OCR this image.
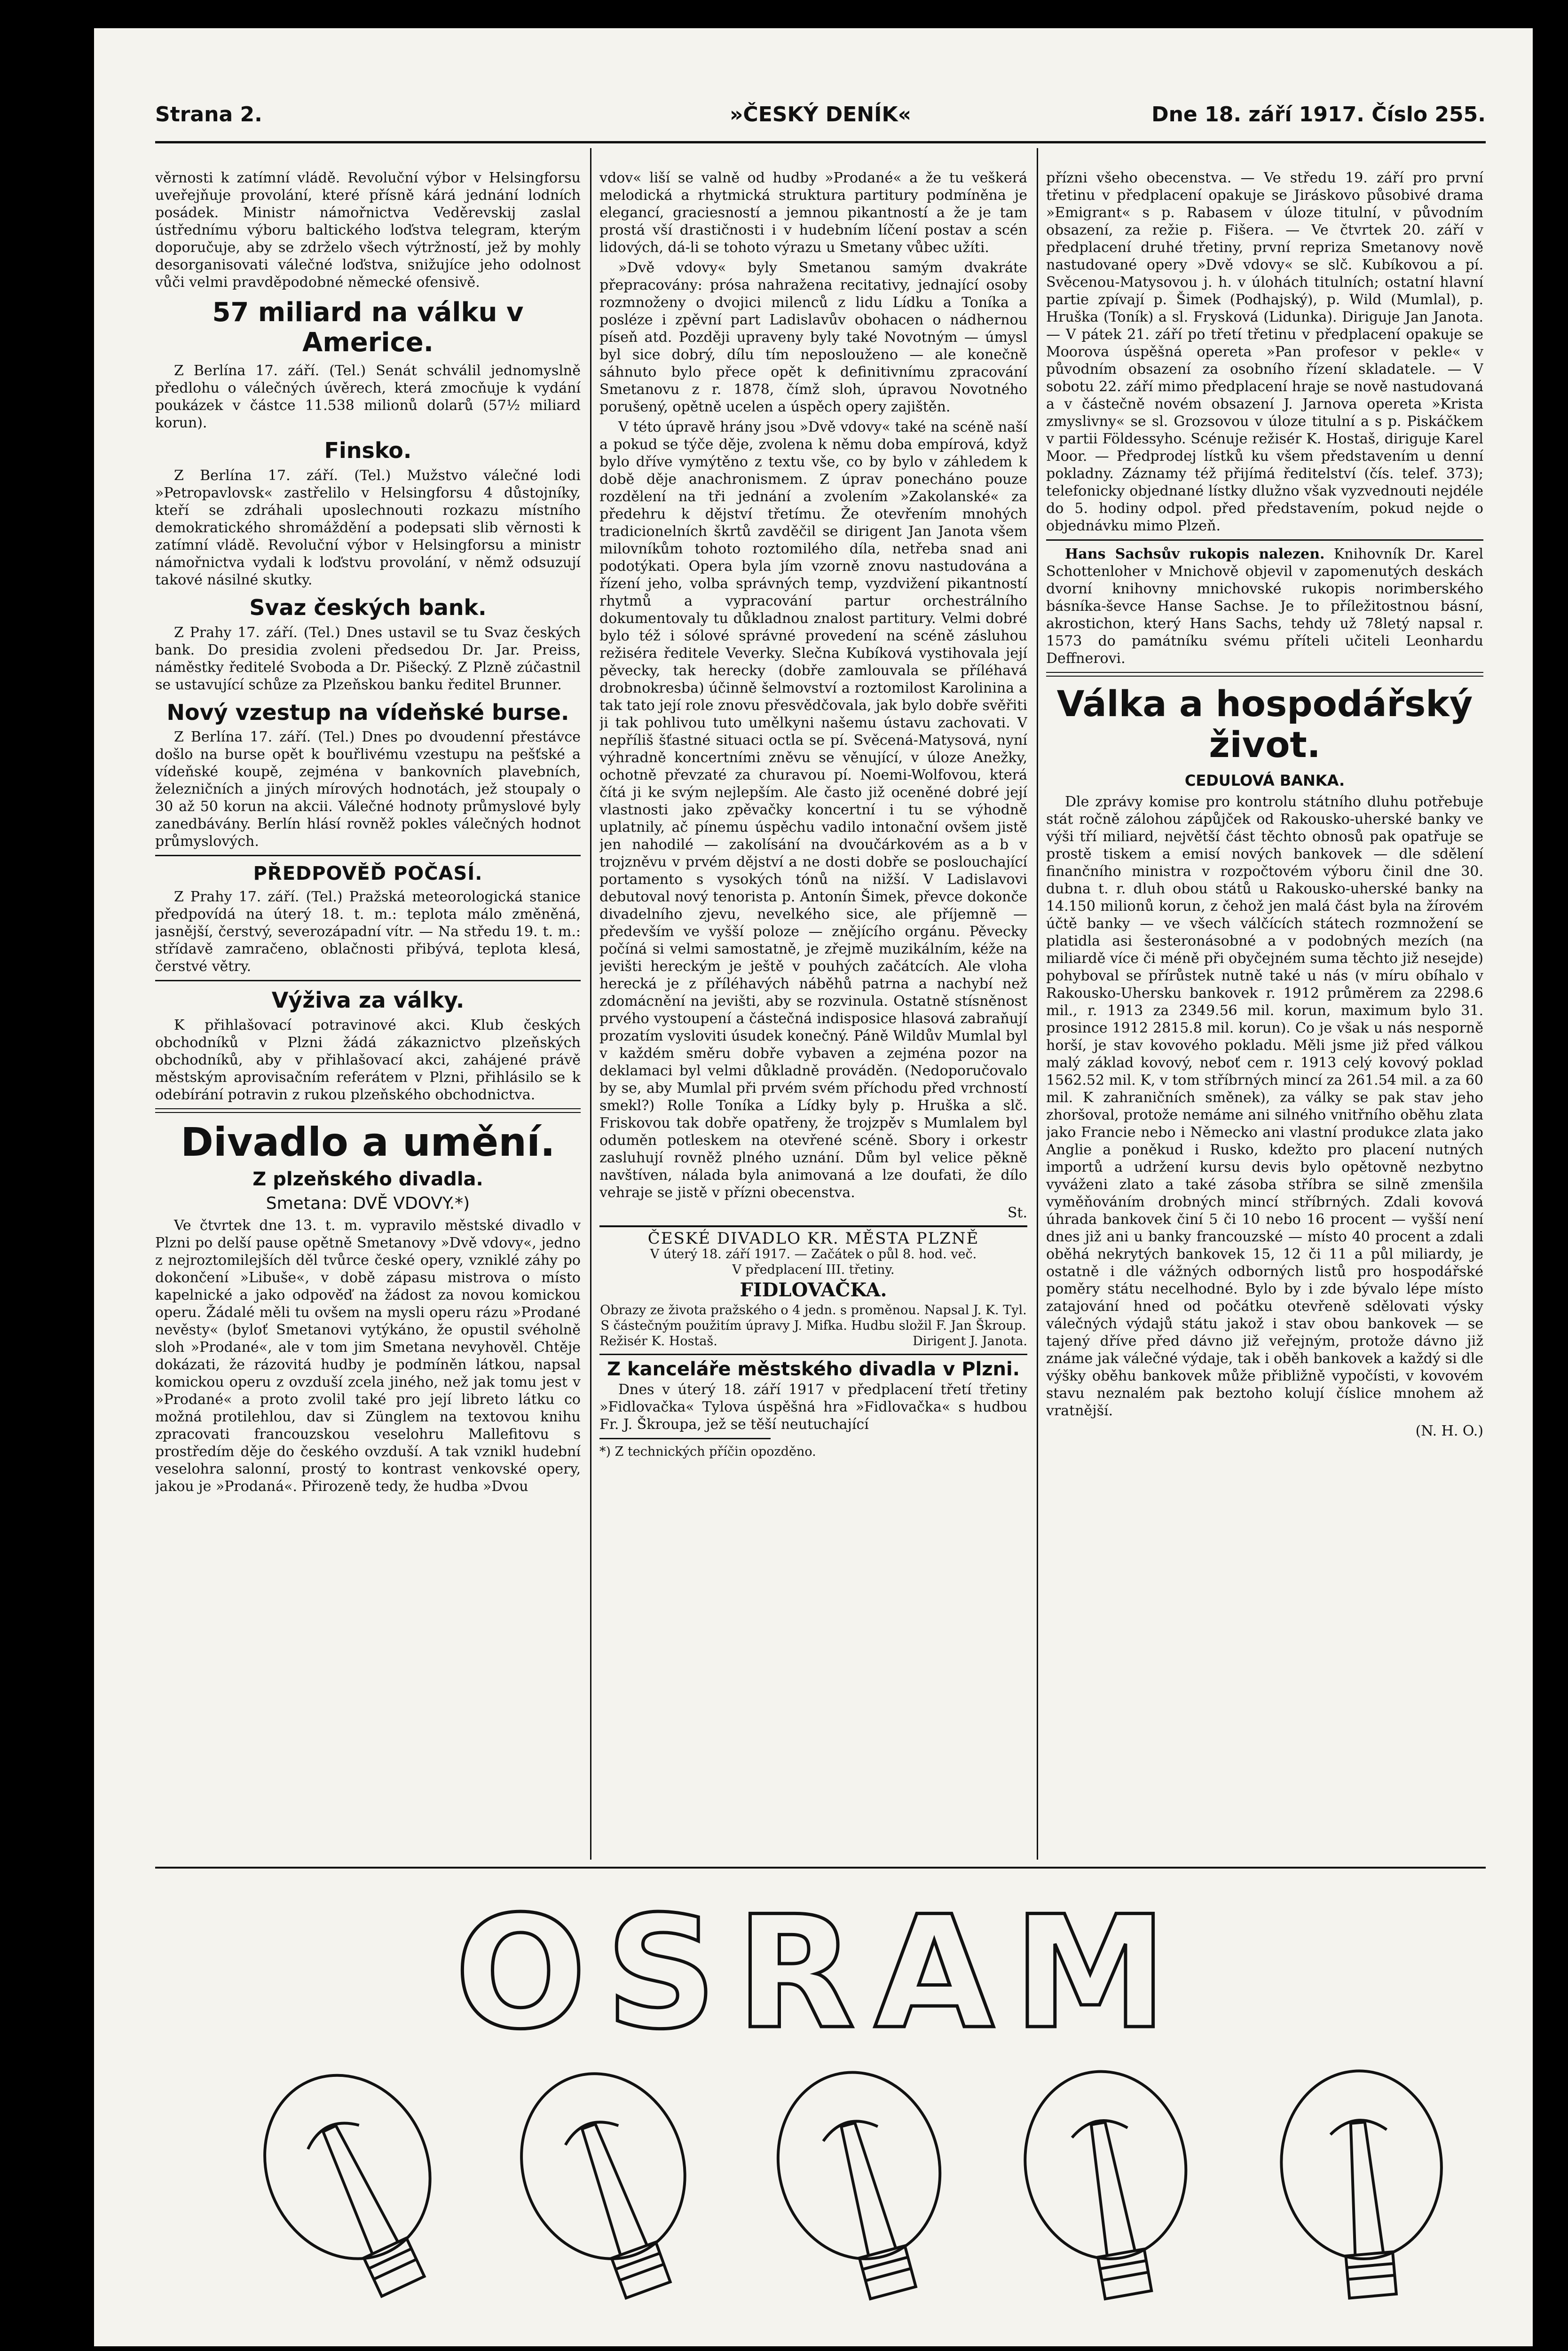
Strana 2.	»ČESKÝ DENÍK«	Dne 18. září 1917. Číslo 255.

věrnosti k zatímní vládě. Revoluční výbor v Helsingforsu uveřejňuje provolání, které přísně kárá jednání lodních posádek. Ministr námořnictva Veděrevskij zaslal ústřednímu výboru baltického loďstva telegram, kterým doporučuje, aby se zdrželo všech výtržností, jež by mohly desorganisovati válečné loďstva, snižujíce jeho odolnost vůči velmi pravděpodobné německé ofensivě.

57 miliard na válku v Americe.

Z Berlína 17. září. (Tel.) Senát schválil jednomyslně předlohu o válečných úvěrech, která zmocňuje k vydání poukázek v částce 11.538 milionů dolarů (57½ miliard korun).

Finsko.

Z Berlína 17. září. (Tel.) Mužstvo válečné lodi »Petropavlovsk« zastřelilo v Helsingforsu 4 důstojníky, kteří se zdráhali uposlechnouti rozkazu místního demokratického shromáždění a podepsati slib věrnosti k zatímní vládě. Revoluční výbor v Helsingforsu a ministr námořnictva vydali k loďstvu provolání, v němž odsuzují takové násilné skutky.

Svaz českých bank.

Z Prahy 17. září. (Tel.) Dnes ustavil se tu Svaz českých bank. Do presidia zvoleni předsedou Dr. Jar. Preiss, náměstky ředitelé Svoboda a Dr. Pišecký. Z Plzně zúčastnil se ustavující schůze za Plzeňskou banku ředitel Brunner.

Nový vzestup na vídeňské burse.

Z Berlína 17. září. (Tel.) Dnes po dvoudenní přestávce došlo na burse opět k bouřlivému vzestupu na pešťské a vídeňské koupě, zejména v bankovních plavebních, železničních a jiných mírových hodnotách, jež stoupaly o 30 až 50 korun na akcii. Válečné hodnoty průmyslové byly zanedbávány. Berlín hlásí rovněž pokles válečných hodnot průmyslových.

PŘEDPOVĚĎ POČASÍ.

Z Prahy 17. září. (Tel.) Pražská meteorologická stanice předpovídá na úterý 18. t. m.: teplota málo změněná, jasnější, čerstvý, severozápadní vítr. — Na středu 19. t. m.: střídavě zamračeno, oblačnosti přibývá, teplota klesá, čerstvé větry.

Výživa za války.

K přihlašovací potravinové akci. Klub českých obchodníků v Plzni žádá zákaznictvo plzeňských obchodníků, aby v přihlašovací akci, zahájené právě městským aprovisačním referátem v Plzni, přihlásilo se k odebírání potravin z rukou plzeňského obchodnictva.

Divadlo a umění.
Z plzeňského divadla.
Smetana: DVĚ VDOVY.*)

Ve čtvrtek dne 13. t. m. vypravilo městské divadlo v Plzni po delší pause opětně Smetanovy »Dvě vdovy«, jedno z nejroztomilejších děl tvůrce české opery, vzniklé záhy po dokončení »Libuše«, v době zápasu mistrova o místo kapelnické a jako odpověď na žádost za novou komickou operu. Žádalé měli tu ovšem na mysli operu rázu »Prodané nevěsty« (byloť Smetanovi vytýkáno, že opustil svéholně sloh »Prodané«, ale v tom jim Smetana nevyhověl. Chtěje dokázati, že rázovitá hudby je podmíněn látkou, napsal komickou operu z ovzduší zcela jiného, než jak tomu jest v »Prodané« a proto zvolil také pro její libreto látku co možná protilehlou, dav si Zünglem na textovou knihu zpracovati francouzskou veselohru Mallefitovu s prostředím děje do českého ovzduší. A tak vznikl hudební veselohra salonní, prostý to kontrast venkovské opery, jakou je »Prodaná«. Přirozeně tedy, že hudba »Dvou

vdov« liší se valně od hudby »Prodané« a že tu veškerá melodická a rhytmická struktura partitury podmíněna je elegancí, graciesností a jemnou pikantností a že je tam prostá vší drastičnosti i v hudebním líčení postav a scén lidových, dá-li se tohoto výrazu u Smetany vůbec užíti.

»Dvě vdovy« byly Smetanou samým dvakráte přepracovány: prósa nahražena recitativy, jednající osoby rozmnoženy o dvojici milenců z lidu Lídku a Toníka a posléze i zpěvní part Ladislavův obohacen o nádhernou píseň atd. Později upraveny byly také Novotným — úmysl byl sice dobrý, dílu tím neposlouženo — ale konečně sáhnuto bylo přece opět k definitivnímu zpracování Smetanovu z r. 1878, čímž sloh, úpravou Novotného porušený, opětně ucelen a úspěch opery zajištěn.

V této úpravě hrány jsou »Dvě vdovy« také na scéně naší a pokud se týče děje, zvolena k němu doba empírová, když bylo dříve vymýtěno z textu vše, co by bylo v záhledem k době děje anachronismem. Z úprav ponecháno pouze rozdělení na tři jednání a zvolením »Zakolanské« za předehru k dějství třetímu. Že otevřením mnohých tradicionelních škrtů zavděčil se dirigent Jan Janota všem milovníkům tohoto roztomilého díla, netřeba snad ani podotýkati. Opera byla jím vzorně znovu nastudována a řízení jeho, volba správných temp, vyzdvižení pikantností rhytmů a vypracování partur orchestrálního dokumentovaly tu důkladnou znalost partitury. Velmi dobré bylo též i sólové správné provedení na scéně zásluhou režiséra ředitele Veverky. Slečna Kubíková vystihovala její pěvecky, tak herecky (dobře zamlouvala se příléhavá drobnokresba) účinně šelmovství a roztomilost Karolinina a tak tato její role znovu přesvědčovala, jak bylo dobře svěřiti ji tak pohlivou tuto umělkyni našemu ústavu zachovati. V nepříliš šťastné situaci octla se pí. Svěcená-Matysová, nyní výhradně koncertními zněvu se věnující, v úloze Anežky, ochotně převzaté za churavou pí. Noemi-Wolfovou, která čítá ji ke svým nejlepším. Ale často již oceněné dobré její vlastnosti jako zpěvačky koncertní i tu se výhodně uplatnily, ač pínemu úspěchu vadilo intonační ovšem jistě jen nahodilé — zakolísání na dvoučárkovém as a b v trojzněvu v prvém dějství a ne dosti dobře se poslouchající portamento s vysokých tónů na nižší. V Ladislavovi debutoval nový tenorista p. Antonín Šimek, převce dokonče divadelního zjevu, nevelkého sice, ale příjemně — především ve vyšší poloze — znějícího orgánu. Pěvecky počíná si velmi samostatně, je zřejmě muzikálním, kéže na jevišti hereckým je ještě v pouhých začátcích. Ale vloha herecká je z příléhavých náběhů patrna a nachybí než zdomácnění na jevišti, aby se rozvinula. Ostatně stísněnost prvého vystoupení a částečná indisposice hlasová zabraňují prozatím vysloviti úsudek konečný. Páně Wildův Mumlal byl v každém směru dobře vybaven a zejména pozor na deklamaci byl velmi důkladně prováděn. (Nedoporučovalo by se, aby Mumlal při prvém svém příchodu před vrchností smekl?) Rolle Toníka a Lídky byly p. Hruška a slč. Friskovou tak dobře opatřeny, že trojzpěv s Mumlalem byl oduměn potleskem na otevřené scéně. Sbory i orkestr zasluhují rovněž plného uznání. Dům byl velice pěkně navštíven, nálada byla animovaná a lze doufati, že dílo vehraje se jistě v přízni obecenstva.

St.
ČESKÉ DIVADLO KR. MĚSTA PLZNĚ
V úterý 18. září 1917. — Začátek o půl 8. hod. več.
V předplacení III. třetiny.
FIDLOVAČKA.
Obrazy ze života pražského o 4 jedn. s proměnou. Napsal J. K. Tyl.
S částečným použitím úpravy J. Mifka. Hudbu složil F. Jan Škroup.
Režisér K. Hostaš.	Dirigent J. Janota.
Z kanceláře městského divadla v Plzni.

Dnes v úterý 18. září 1917 v předplacení třetí třetiny »Fidlovačka« Tylova úspěšná hra »Fidlovačka« s hudbou Fr. J. Škroupa, jež se těší neutuchající

*) Z technických příčin opozděno.

přízni všeho obecenstva. — Ve středu 19. září pro první třetinu v předplacení opakuje se Jiráskovo působivé drama »Emigrant« s p. Rabasem v úloze titulní, v původním obsazení, za režie p. Fišera. — Ve čtvrtek 20. září v předplacení druhé třetiny, první repriza Smetanovy nově nastudované opery »Dvě vdovy« se slč. Kubíkovou a pí. Svěcenou-Matysovou j. h. v úlohách titulních; ostatní hlavní partie zpívají p. Šimek (Podhajský), p. Wild (Mumlal), p. Hruška (Toník) a sl. Frysková (Lidunka). Diriguje Jan Janota. — V pátek 21. září po třetí třetinu v předplacení opakuje se Moorova úspěšná opereta »Pan profesor v pekle« v původním obsazení za osobního řízení skladatele. — V sobotu 22. září mimo předplacení hraje se nově nastudovaná a v částečně novém obsazení J. Jarnova opereta »Krista zmyslivny« se sl. Grozsovou v úloze titulní a s p. Piskáčkem v partii Földessyho. Scénuje režisér K. Hostaš, diriguje Karel Moor. — Předprodej lístků ku všem představením u denní pokladny. Záznamy též přijímá ředitelství (čís. telef. 373); telefonicky objednané lístky dlužno však vyzvednouti nejdéle do 5. hodiny odpol. před představením, pokud nejde o objednávku mimo Plzeň.

Hans Sachsův rukopis nalezen. Knihovník Dr. Karel Schottenloher v Mnichově objevil v zapomenutých deskách dvorní knihovny mnichovské rukopis norimberského básníka-ševce Hanse Sachse. Je to příležitostnou básní, akrostichon, který Hans Sachs, tehdy už 78letý napsal r. 1573 do památníku svému příteli učiteli Leonhardu Deffnerovi.

Válka a hospodářský život.
CEDULOVÁ BANKA.

Dle zprávy komise pro kontrolu státního dluhu potřebuje stát ročně zálohou zápůjček od Rakousko-uherské banky ve výši tří miliard, největší část těchto obnosů pak opatřuje se prostě tiskem a emisí nových bankovek — dle sdělení finančního ministra v rozpočtovém výboru činil dne 30. dubna t. r. dluh obou států u Rakousko-uherské banky na 14.150 milionů korun, z čehož jen malá část byla na žírovém účtě banky — ve všech válčících státech rozmnožení se platidla asi šesteronásobné a v podobných mezích (na miliardě více či méně při obyčejném suma těchto již nesejde) pohyboval se přírůstek nutně také u nás (v míru obíhalo v Rakousko-Uhersku bankovek r. 1912 průměrem za 2298.6 mil., r. 1913 za 2349.56 mil. korun, maximum bylo 31. prosince 1912 2815.8 mil. korun). Co je však u nás nesporně horší, je stav kovového pokladu. Měli jsme již před válkou malý základ kovový, neboť cem r. 1913 celý kovový poklad 1562.52 mil. K, v tom stříbrných mincí za 261.54 mil. a za 60 mil. K zahraničních směnek), za války se pak stav jeho zhoršoval, protože nemáme ani silného vnitřního oběhu zlata jako Francie nebo i Německo ani vlastní produkce zlata jako Anglie a poněkud i Rusko, kdežto pro placení nutných importů a udržení kursu devis bylo opětovně nezbytno vyváženi zlato a také zásoba stříbra se silně zmenšila vyměňováním drobných mincí stříbrných. Zdali kovová úhrada bankovek činí 5 či 10 nebo 16 procent — vyšší není dnes již ani u banky francouzské — místo 40 procent a zdali oběhá nekrytých bankovek 15, 12 či 11 a půl miliardy, je ostatně i dle vážných odborných listů pro hospodářské poměry státu necelhodné. Bylo by i zde bývalo lépe místo zatajování hned od počátku otevřeně sdělovati výsky válečných výdajů státu jakož i stav obou bankovek — se tajený dříve před dávno již veřejným, protože dávno již známe jak válečné výdaje, tak i oběh bankovek a každý si dle výšky oběhu bankovek může přibližně vypočísti, v kovovém stavu neznalém pak beztoho kolují číslice mnohem až vratnější.

(N. H. O.)
OSRAM
